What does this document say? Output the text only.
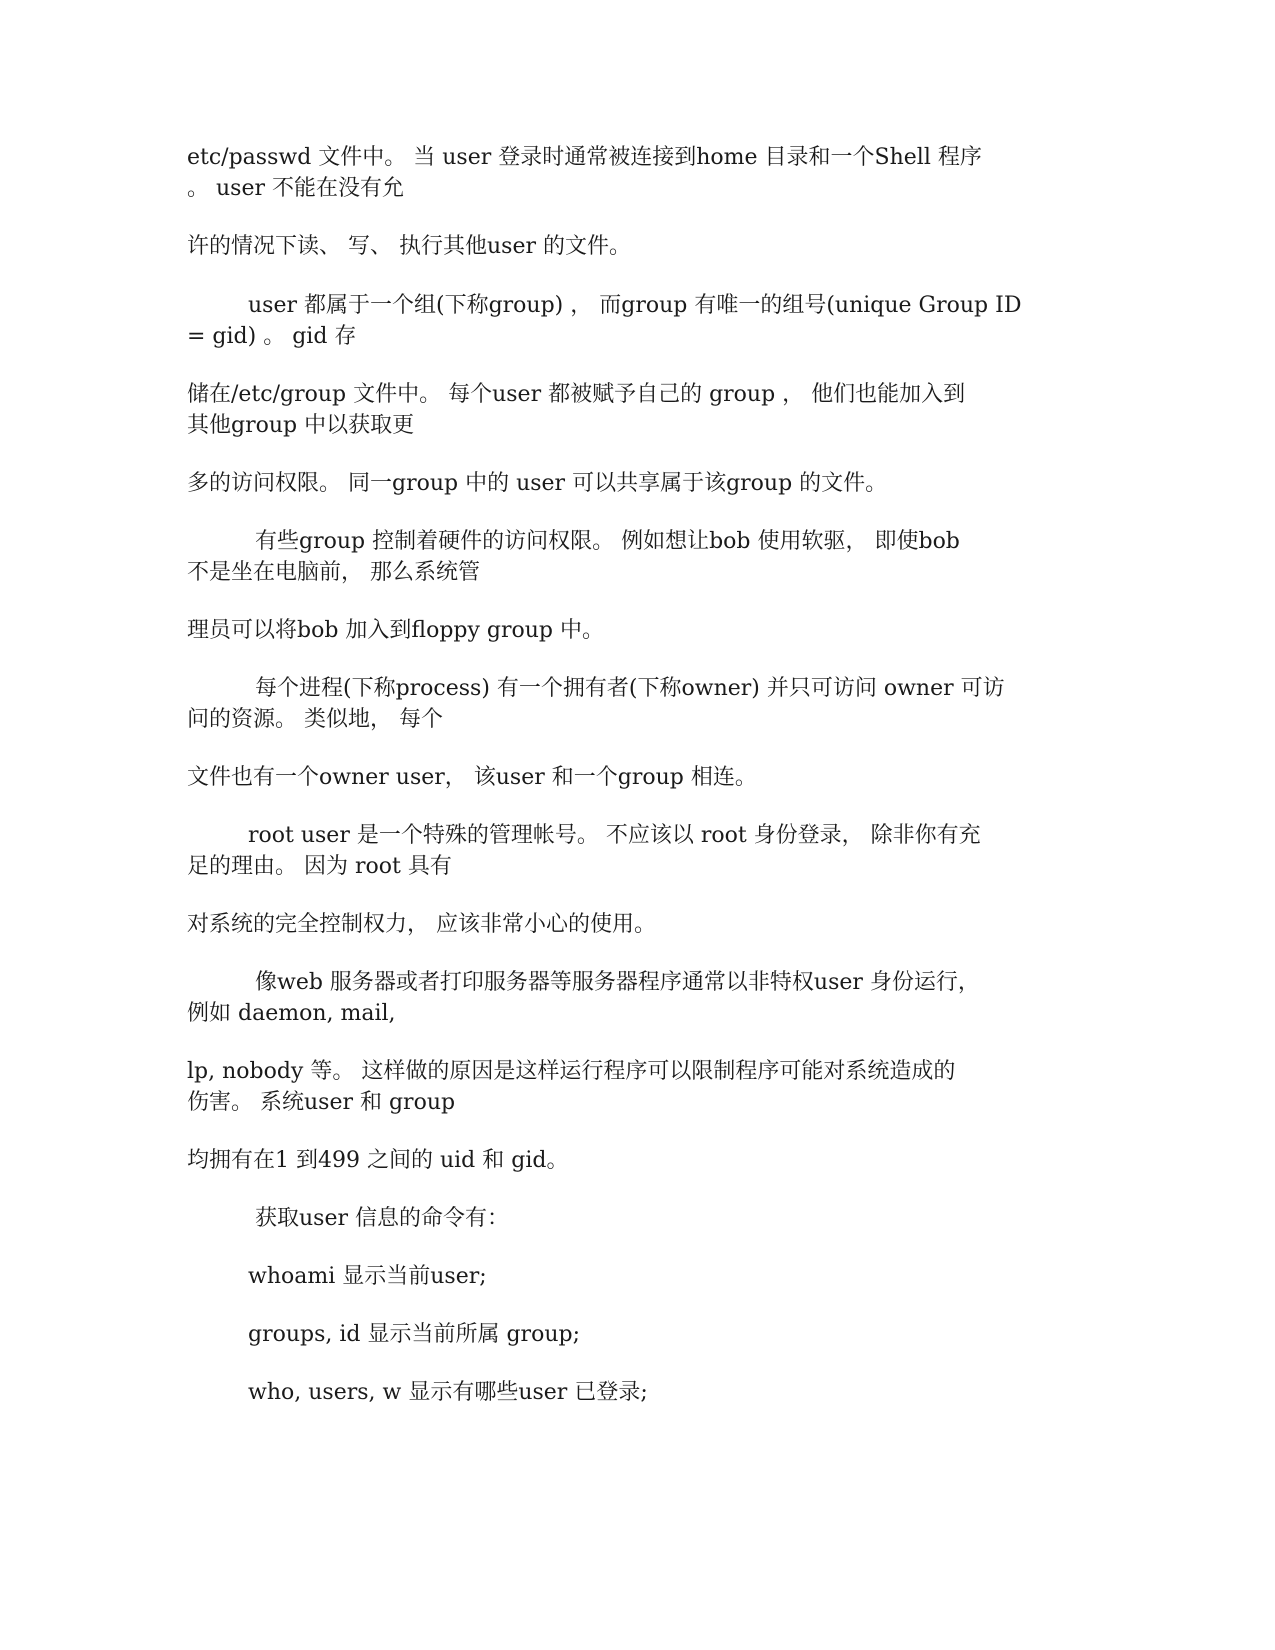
etc/passwd 文件中。 当 user 登录时通常被连接到home 目录和一个Shell 程序
。 user 不能在没有允
许的情况下读、 写、 执行其他user 的文件。
user 都属于一个组(下称group) ， 而group 有唯一的组号(unique Group ID
= gid) 。 gid 存
储在/etc/group 文件中。 每个user 都被赋予自己的 group ， 他们也能加入到
其他group 中以获取更
多的访问权限。 同一group 中的 user 可以共享属于该group 的文件。
有些group 控制着硬件的访问权限。 例如想让bob 使用软驱， 即使bob
不是坐在电脑前， 那么系统管
理员可以将bob 加入到floppy group 中。
每个进程(下称process) 有一个拥有者(下称owner) 并只可访问 owner 可访
问的资源。 类似地， 每个
文件也有一个owner user， 该user 和一个group 相连。
root user 是一个特殊的管理帐号。 不应该以 root 身份登录， 除非你有充
足的理由。 因为 root 具有
对系统的完全控制权力， 应该非常小心的使用。
像web 服务器或者打印服务器等服务器程序通常以非特权user 身份运行，
例如 daemon, mail,
lp, nobody 等。 这样做的原因是这样运行程序可以限制程序可能对系统造成的
伤害。 系统user 和 group
均拥有在1 到499 之间的 uid 和 gid。
获取user 信息的命令有：
whoami 显示当前user;
groups, id 显示当前所属 group;
who, users, w 显示有哪些user 已登录;
